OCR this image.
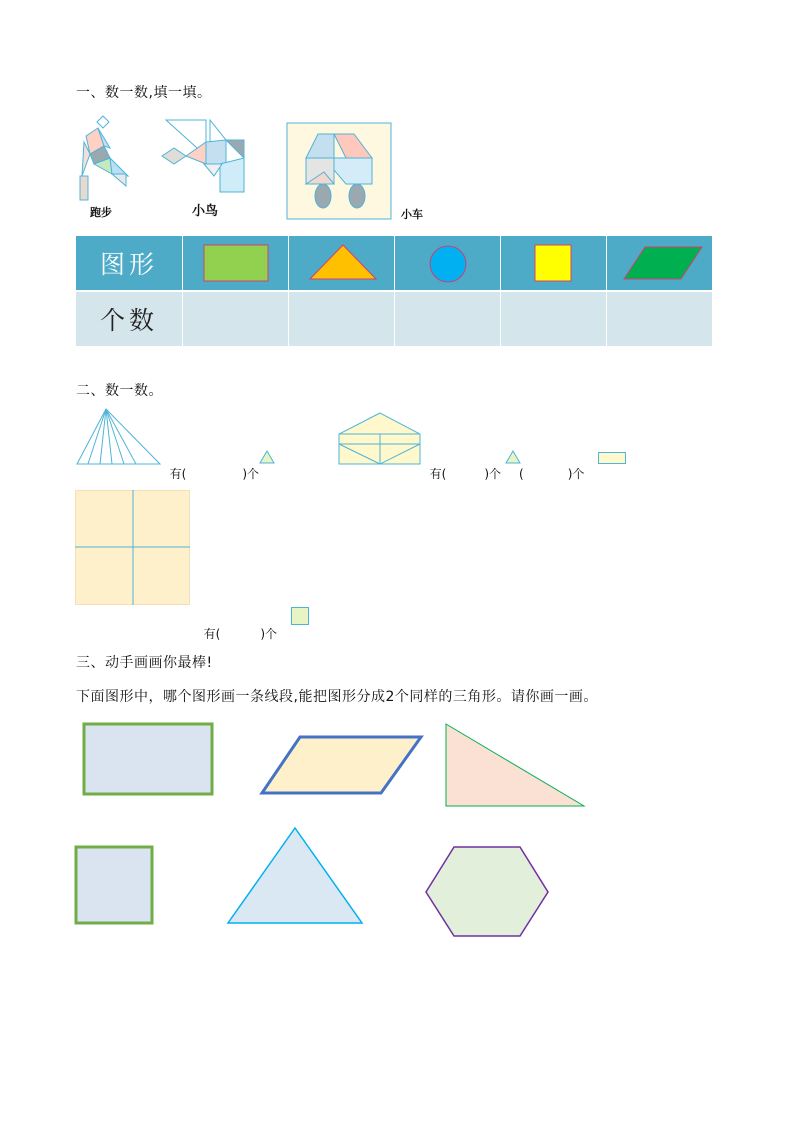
一、数一数,填一填。
跑步	小鸟	小车
图形
个数
二、数一数。

有(	)个	有(	)个 (	)个

有(	)个

三、动手画画你最棒!
下面图形中，哪个图形画一条线段,能把图形分成2个同样的三角形。请你画一画。
